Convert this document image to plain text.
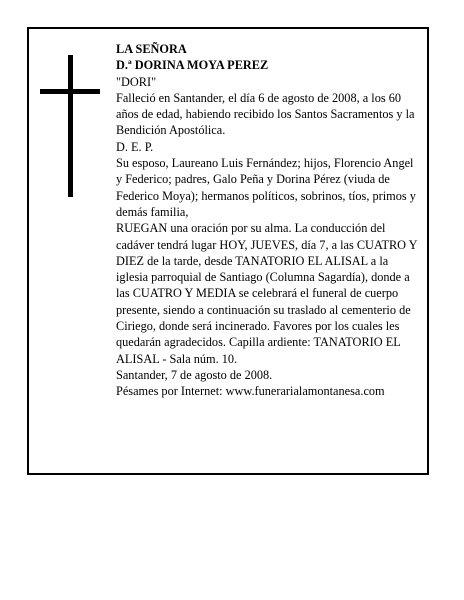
LA SEÑORA

D.ª DORINA MOYA PEREZ

"DORI"

Falleció en Santander, el día 6 de agosto de 2008, a los 60 años de edad, habiendo recibido los Santos Sacramentos y la Bendición Apostólica.

D. E. P.

Su esposo, Laureano Luis Fernández; hijos, Florencio Angel y Federico; padres, Galo Peña y Dorina Pérez (viuda de Federico Moya); hermanos políticos, sobrinos, tíos, primos y demás familia,

RUEGAN una oración por su alma. La conducción del cadáver tendrá lugar HOY, JUEVES, día 7, a las CUATRO Y DIEZ de la tarde, desde TANATORIO EL ALISAL a la iglesia parroquial de Santiago (Columna Sagardía), donde a las CUATRO Y MEDIA se celebrará el funeral de cuerpo presente, siendo a continuación su traslado al cementerio de Ciriego, donde será incinerado. Favores por los cuales les quedarán agradecidos. Capilla ardiente: TANATORIO EL ALISAL - Sala núm. 10.

Santander, 7 de agosto de 2008.

Pésames por Internet: www.funerarialamontanesa.com
